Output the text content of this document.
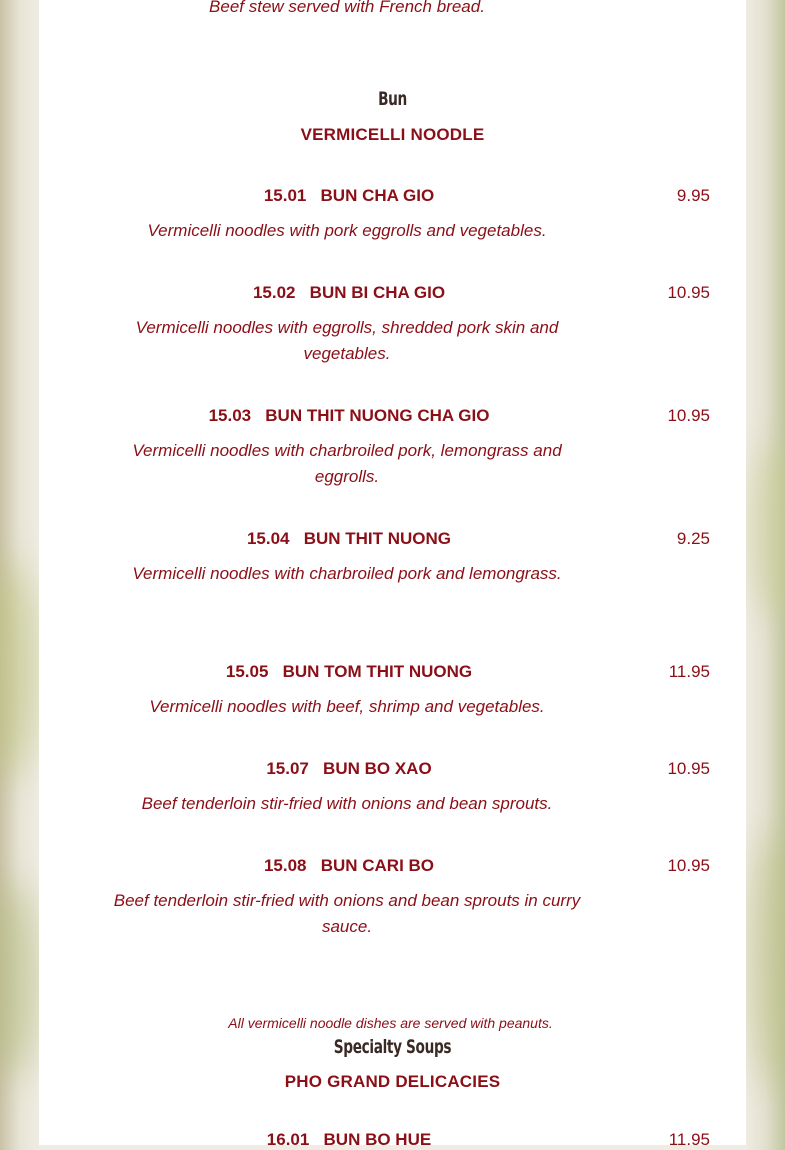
Beef stew served with French bread.

Bun
VERMICELLI NOODLE
15.01 BUN CHA GIO	9.95

Vermicelli noodles with pork eggrolls and vegetables.

15.02 BUN BI CHA GIO	10.95

Vermicelli noodles with eggrolls, shredded pork skin and vegetables.

15.03 BUN THIT NUONG CHA GIO	10.95

Vermicelli noodles with charbroiled pork, lemongrass and eggrolls.

15.04 BUN THIT NUONG	9.25

Vermicelli noodles with charbroiled pork and lemongrass.

15.05 BUN TOM THIT NUONG	11.95

Vermicelli noodles with beef, shrimp and vegetables.

15.07 BUN BO XAO	10.95

Beef tenderloin stir-fried with onions and bean sprouts.

15.08 BUN CARI BO	10.95

Beef tenderloin stir-fried with onions and bean sprouts in curry sauce.

All vermicelli noodle dishes are served with peanuts.
Specialty Soups
PHO GRAND DELICACIES
16.01 BUN BO HUE	11.95
